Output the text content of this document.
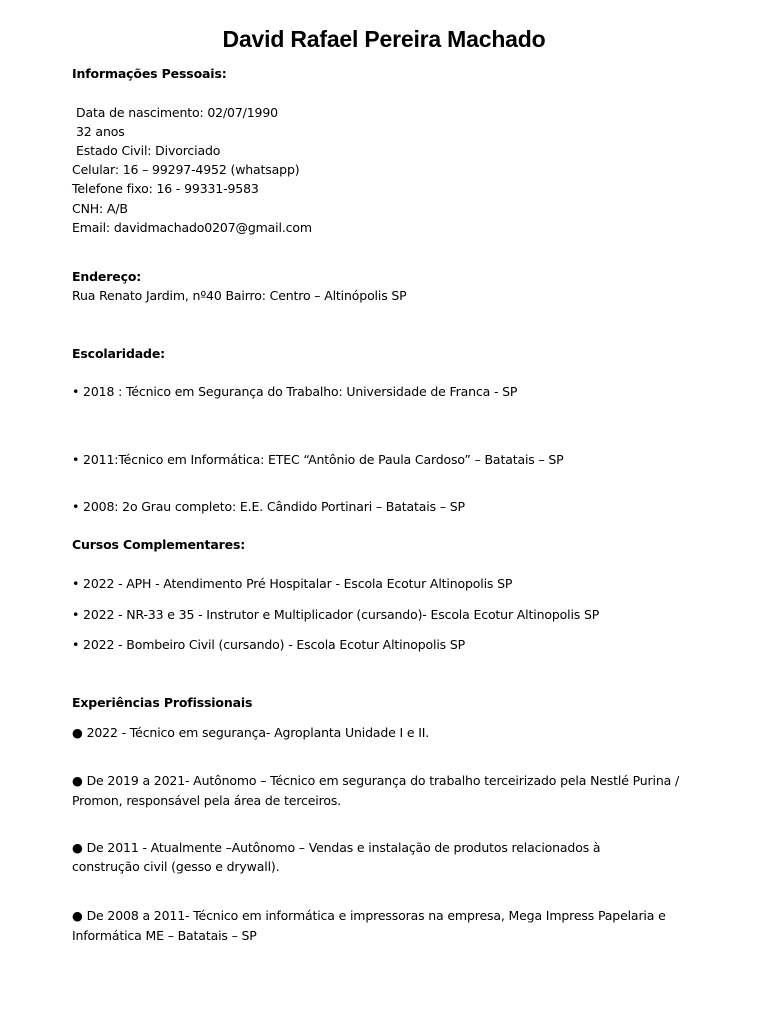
David Rafael Pereira Machado
Informações Pessoais:
Data de nascimento: 02/07/1990
32 anos
Estado Civil: Divorciado
Celular: 16 – 99297-4952 (whatsapp)
Telefone fixo: 16 - 99331-9583
CNH: A/B
Email: davidmachado0207@gmail.com
Endereço:
Rua Renato Jardim, nº40 Bairro: Centro – Altinópolis SP
Escolaridade:
• 2018 : Técnico em Segurança do Trabalho: Universidade de Franca - SP
• 2011:Técnico em Informática: ETEC “Antônio de Paula Cardoso” – Batatais – SP
• 2008: 2o Grau completo: E.E. Cândido Portinari – Batatais – SP
Cursos Complementares:
• 2022 - APH - Atendimento Pré Hospitalar - Escola Ecotur Altinopolis SP
• 2022 - NR-33 e 35 - Instrutor e Multiplicador (cursando)- Escola Ecotur Altinopolis SP
• 2022 - Bombeiro Civil (cursando) - Escola Ecotur Altinopolis SP
Experiências Profissionais
● 2022 - Técnico em segurança- Agroplanta Unidade I e II.
● De 2019 a 2021- Autônomo – Técnico em segurança do trabalho terceirizado pela Nestlé Purina /
Promon, responsável pela área de terceiros.
● De 2011 - Atualmente –Autônomo – Vendas e instalação de produtos relacionados à
construção civil (gesso e drywall).
● De 2008 a 2011- Técnico em informática e impressoras na empresa, Mega Impress Papelaria e
Informática ME – Batatais – SP
